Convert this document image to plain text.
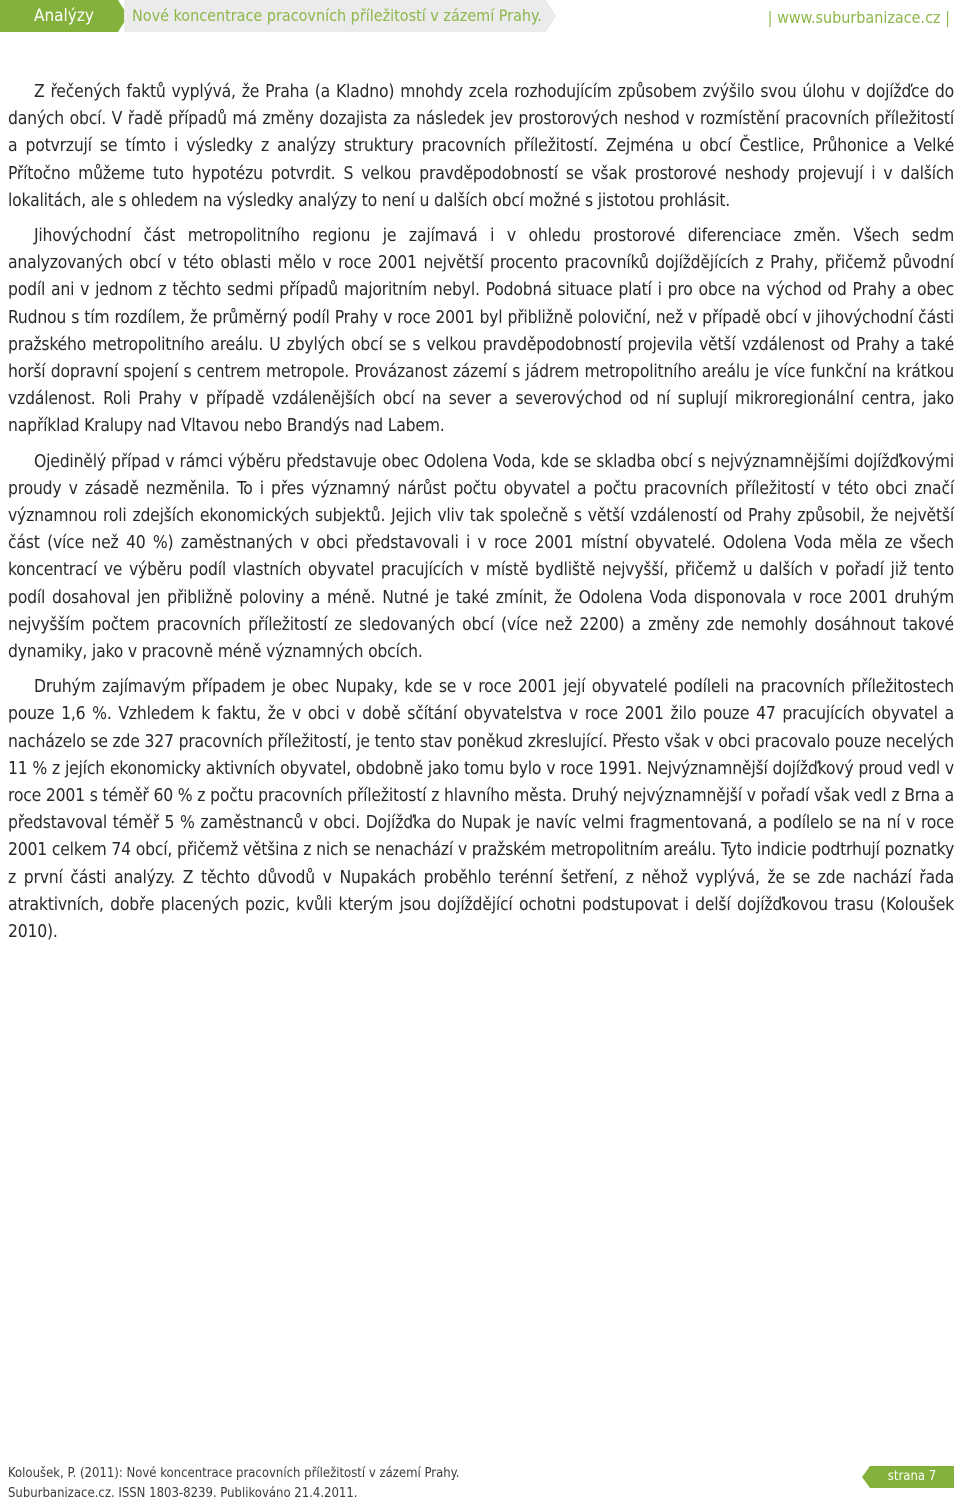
Analýzy	Nové koncentrace pracovních příležitostí v zázemí Prahy.	| www.suburbanizace.cz |

Z řečených faktů vyplývá, že Praha (a Kladno) mnohdy zcela rozhodujícím způsobem zvýšilo svou úlohu v dojížďce do daných obcí. V řadě případů má změny dozajista za následek jev prostorových neshod v rozmístění pracovních příležitostí a potvrzují se tímto i výsledky z analýzy struktury pracovních příležitostí. Zejména u obcí Čestlice, Průhonice a Velké Přítočno můžeme tuto hypotézu potvrdit. S velkou pravděpodobností se však prostorové neshody projevují i v dalších lokalitách, ale s ohledem na výsledky analýzy to není u dalších obcí možné s jistotou prohlásit.

Jihovýchodní část metropolitního regionu je zajímavá i v ohledu prostorové diferenciace změn. Všech sedm analyzovaných obcí v této oblasti mělo v roce 2001 největší procento pracovníků dojíždějících z Prahy, přičemž původní podíl ani v jednom z těchto sedmi případů majoritním nebyl. Podobná situace platí i pro obce na východ od Prahy a obec Rudnou s tím rozdílem, že průměrný podíl Prahy v roce 2001 byl přibližně poloviční, než v případě obcí v jihovýchodní části pražského metropolitního areálu. U zbylých obcí se s velkou pravděpodobností projevila větší vzdálenost od Prahy a také horší dopravní spojení s centrem metropole. Provázanost zázemí s jádrem metropolitního areálu je více funkční na krátkou vzdálenost. Roli Prahy v případě vzdálenějších obcí na sever a severovýchod od ní suplují mikroregionální centra, jako například Kralupy nad Vltavou nebo Brandýs nad Labem.

Ojedinělý případ v rámci výběru představuje obec Odolena Voda, kde se skladba obcí s nejvýznamnějšími dojížďkovými proudy v zásadě nezměnila. To i přes významný nárůst počtu obyvatel a počtu pracovních příležitostí v této obci značí významnou roli zdejších ekonomických subjektů. Jejich vliv tak společně s větší vzdáleností od Prahy způsobil, že největší část (více než 40 %) zaměstnaných v obci představovali i v roce 2001 místní obyvatelé. Odolena Voda měla ze všech koncentrací ve výběru podíl vlastních obyvatel pracujících v místě bydliště nejvyšší, přičemž u dalších v pořadí již tento podíl dosahoval jen přibližně poloviny a méně. Nutné je také zmínit, že Odolena Voda disponovala v roce 2001 druhým nejvyšším počtem pracovních příležitostí ze sledovaných obcí (více než 2200) a změny zde nemohly dosáhnout takové dynamiky, jako v pracovně méně významných obcích.

Druhým zajímavým případem je obec Nupaky, kde se v roce 2001 její obyvatelé podíleli na pracovních příležitostech pouze 1,6 %. Vzhledem k faktu, že v obci v době sčítání obyvatelstva v roce 2001 žilo pouze 47 pracujících obyvatel a nacházelo se zde 327 pracovních příležitostí, je tento stav poněkud zkreslující. Přesto však v obci pracovalo pouze necelých 11 % z jejích ekonomicky aktivních obyvatel, obdobně jako tomu bylo v roce 1991. Nejvýznamnější dojížďkový proud vedl v roce 2001 s téměř 60 % z počtu pracovních příležitostí z hlavního města. Druhý nejvýznamnější v pořadí však vedl z Brna a představoval téměř 5 % zaměstnanců v obci. Dojížďka do Nupak je navíc velmi fragmentovaná, a podílelo se na ní v roce 2001 celkem 74 obcí, přičemž většina z nich se nenachází v pražském metropolitním areálu. Tyto indicie podtrhují poznatky z první části analýzy. Z těchto důvodů v Nupakách proběhlo terénní šetření, z něhož vyplývá, že se zde nachází řada atraktivních, dobře placených pozic, kvůli kterým jsou dojíždějící ochotni podstupovat i delší dojížďkovou trasu (Koloušek 2010).

Koloušek, P. (2011): Nové koncentrace pracovních příležitostí v zázemí Prahy.
Suburbanizace.cz. ISSN 1803-8239. Publikováno 21.4.2011.
strana 7
